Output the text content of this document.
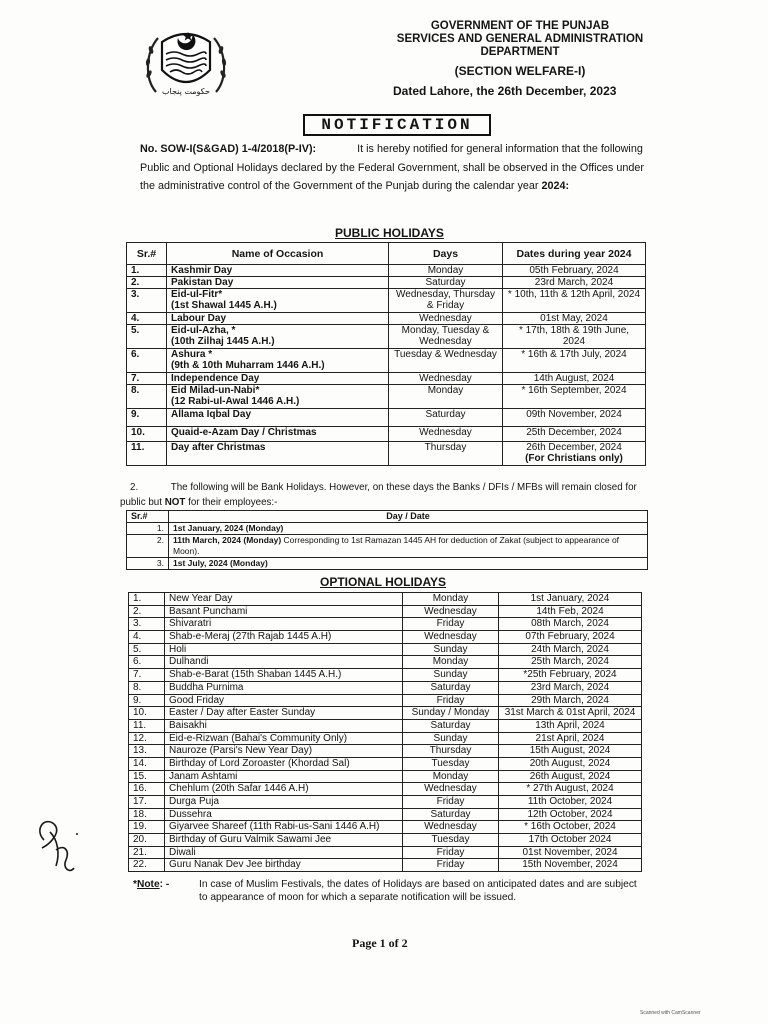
حکومت پنجاب
GOVERNMENT OF THE PUNJAB
SERVICES AND GENERAL ADMINISTRATION
DEPARTMENT
(SECTION WELFARE-I)
Dated Lahore, the 26th December, 2023
NOTIFICATION
No. SOW-I(S&GAD) 1-4/2018(P-IV):	It is hereby notified for general information that the following Public and Optional Holidays declared by the Federal Government, shall be observed in the Offices under the administrative control of the Government of the Punjab during the calendar year 2024:
PUBLIC HOLIDAYS
Sr.#	Name of Occasion	Days	Dates during year 2024
1.	Kashmir Day	Monday	05th February, 2024

2.	Pakistan Day	Saturday	23rd March, 2024

3.	Eid-ul-Fitr*
(1st Shawal 1445 A.H.)	Wednesday, Thursday & Friday	* 10th, 11th & 12th April, 2024

4.	Labour Day	Wednesday	01st May, 2024

5.	Eid-ul-Azha, *
(10th Zilhaj 1445 A.H.)	Monday, Tuesday & Wednesday	* 17th, 18th & 19th June, 2024

6.	Ashura *
(9th & 10th Muharram 1446 A.H.)	Tuesday & Wednesday	* 16th & 17th July, 2024

7.	Independence Day	Wednesday	14th August, 2024

8.	Eid Milad-un-Nabi*
(12 Rabi-ul-Awal 1446 A.H.)	Monday	* 16th September, 2024

9.	Allama Iqbal Day	Saturday	09th November, 2024

10.	Quaid-e-Azam Day / Christmas	Wednesday	25th December, 2024

11.	Day after Christmas	Thursday	26th December, 2024
(For Christians only)
2.	The following will be Bank Holidays. However, on these days the Banks / DFIs / MFBs will remain closed for public but NOT for their employees:-
Sr.#	Day / Date
1.	1st January, 2024 (Monday)
2.	11th March, 2024 (Monday) Corresponding to 1st Ramazan 1445 AH for deduction of Zakat (subject to appearance of Moon).
3.	1st July, 2024 (Monday)
OPTIONAL HOLIDAYS
1.	New Year Day	Monday	1st January, 2024
2.	Basant Punchami	Wednesday	14th Feb, 2024
3.	Shivaratri	Friday	08th March, 2024
4.	Shab-e-Meraj (27th Rajab 1445 A.H)	Wednesday	07th February, 2024
5.	Holi	Sunday	24th March, 2024
6.	Dulhandi	Monday	25th March, 2024
7.	Shab-e-Barat (15th Shaban 1445 A.H.)	Sunday	*25th February, 2024
8.	Buddha Purnima	Saturday	23rd March, 2024
9.	Good Friday	Friday	29th March, 2024
10.	Easter / Day after Easter Sunday	Sunday / Monday	31st March & 01st April, 2024
11.	Baisakhi	Saturday	13th April, 2024
12.	Eid-e-Rizwan (Bahai's Community Only)	Sunday	21st April, 2024
13.	Nauroze (Parsi's New Year Day)	Thursday	15th August, 2024
14.	Birthday of Lord Zoroaster (Khordad Sal)	Tuesday	20th August, 2024
15.	Janam Ashtami	Monday	26th August, 2024
16.	Chehlum (20th Safar 1446 A.H)	Wednesday	* 27th August, 2024
17.	Durga Puja	Friday	11th October, 2024
18.	Dussehra	Saturday	12th October, 2024
19.	Giyarvee Shareef (11th Rabi-us-Sani 1446 A.H)	Wednesday	* 16th October, 2024
20.	Birthday of Guru Valmik Sawami Jee	Tuesday	17th October 2024
21.	Diwali	Friday	01st November, 2024
22.	Guru Nanak Dev Jee birthday	Friday	15th November, 2024
*Note: -	In case of Muslim Festivals, the dates of Holidays are based on anticipated dates and are subject to appearance of moon for which a separate notification will be issued.
Page 1 of 2
Scanned with CamScanner
